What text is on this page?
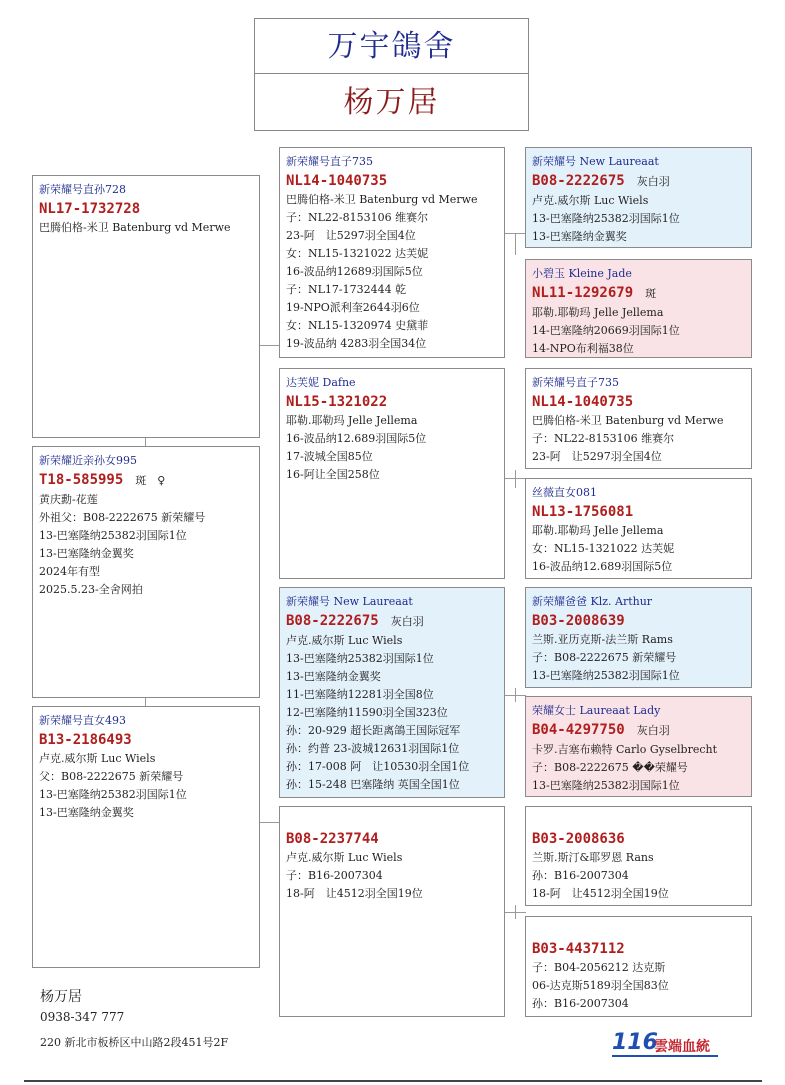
万宇鴿舍
杨万居
新荣耀号直孙728
NL17-1732728
巴腾伯格-米卫 Batenburg vd Merwe
新荣耀近亲孙女995
T18-585995 斑　♀
黄庆勳-花莲
外祖父：B08-2222675 新荣耀号
13-巴塞隆纳25382羽国际1位
13-巴塞隆纳金翼奖
2024年有型
2025.5.23-全舍网拍
新荣耀号直女493
B13-2186493
卢克.威尔斯 Luc Wiels
父：B08-2222675 新荣耀号
13-巴塞隆纳25382羽国际1位
13-巴塞隆纳金翼奖
新荣耀号直子735
NL14-1040735
巴腾伯格-米卫 Batenburg vd Merwe
子：NL22-8153106 维赛尔
23-阿　让5297羽全国4位
女：NL15-1321022 达芙妮
16-波品纳12689羽国际5位
子：NL17-1732444 乾
19-NPO派利奎2644羽6位
女：NL15-1320974 史黛菲
19-波品纳 4283羽全国34位
达芙妮 Dafne
NL15-1321022
耶勒.耶勒玛 Jelle Jellema
16-波品纳12.689羽国际5位
17-波城全国85位
16-阿让全国258位
新荣耀号 New Laureaat
B08-2222675 灰白羽
卢克.威尔斯 Luc Wiels
13-巴塞隆纳25382羽国际1位
13-巴塞隆纳金翼奖
11-巴塞隆纳12281羽全国8位
12-巴塞隆纳11590羽全国323位
孙：20-929 超长距离鴿王国际冠军
孙：约普 23-波城12631羽国际1位
孙：17-008 阿　让10530羽全国1位
孙：15-248 巴塞隆纳 英国全国1位
B08-2237744
卢克.威尔斯 Luc Wiels
子：B16-2007304
18-阿　让4512羽全国19位
新荣耀号 New Laureaat
B08-2222675 灰白羽
卢克.威尔斯 Luc Wiels
13-巴塞隆纳25382羽国际1位
13-巴塞隆纳金翼奖
小碧玉 Kleine Jade
NL11-1292679 斑
耶勒.耶勒玛 Jelle Jellema
14-巴塞隆纳20669羽国际1位
14-NPO布利福38位
新荣耀号直子735
NL14-1040735
巴腾伯格-米卫 Batenburg vd Merwe
子：NL22-8153106 维赛尔
23-阿　让5297羽全国4位
丝薇直女081
NL13-1756081
耶勒.耶勒玛 Jelle Jellema
女：NL15-1321022 达芙妮
16-波品纳12.689羽国际5位
新荣耀爸爸 Klz. Arthur
B03-2008639
兰斯.亚历克斯-法兰斯 Rams
子：B08-2222675 新荣耀号
13-巴塞隆纳25382羽国际1位
荣耀女士 Laureaat Lady
B04-4297750 灰白羽
卡罗.吉塞布赖特 Carlo Gyselbrecht
子：B08-2222675 ��荣耀号
13-巴塞隆纳25382羽国际1位
B03-2008636
兰斯.斯汀&耶罗恩 Rans
孙：B16-2007304
18-阿　让4512羽全国19位
B03-4437112
子：B04-2056212 达克斯
06-达克斯5189羽全国83位
孙：B16-2007304
杨万居
0938-347 777
220 新北市板桥区中山路2段451号2F	116
雲端血統
